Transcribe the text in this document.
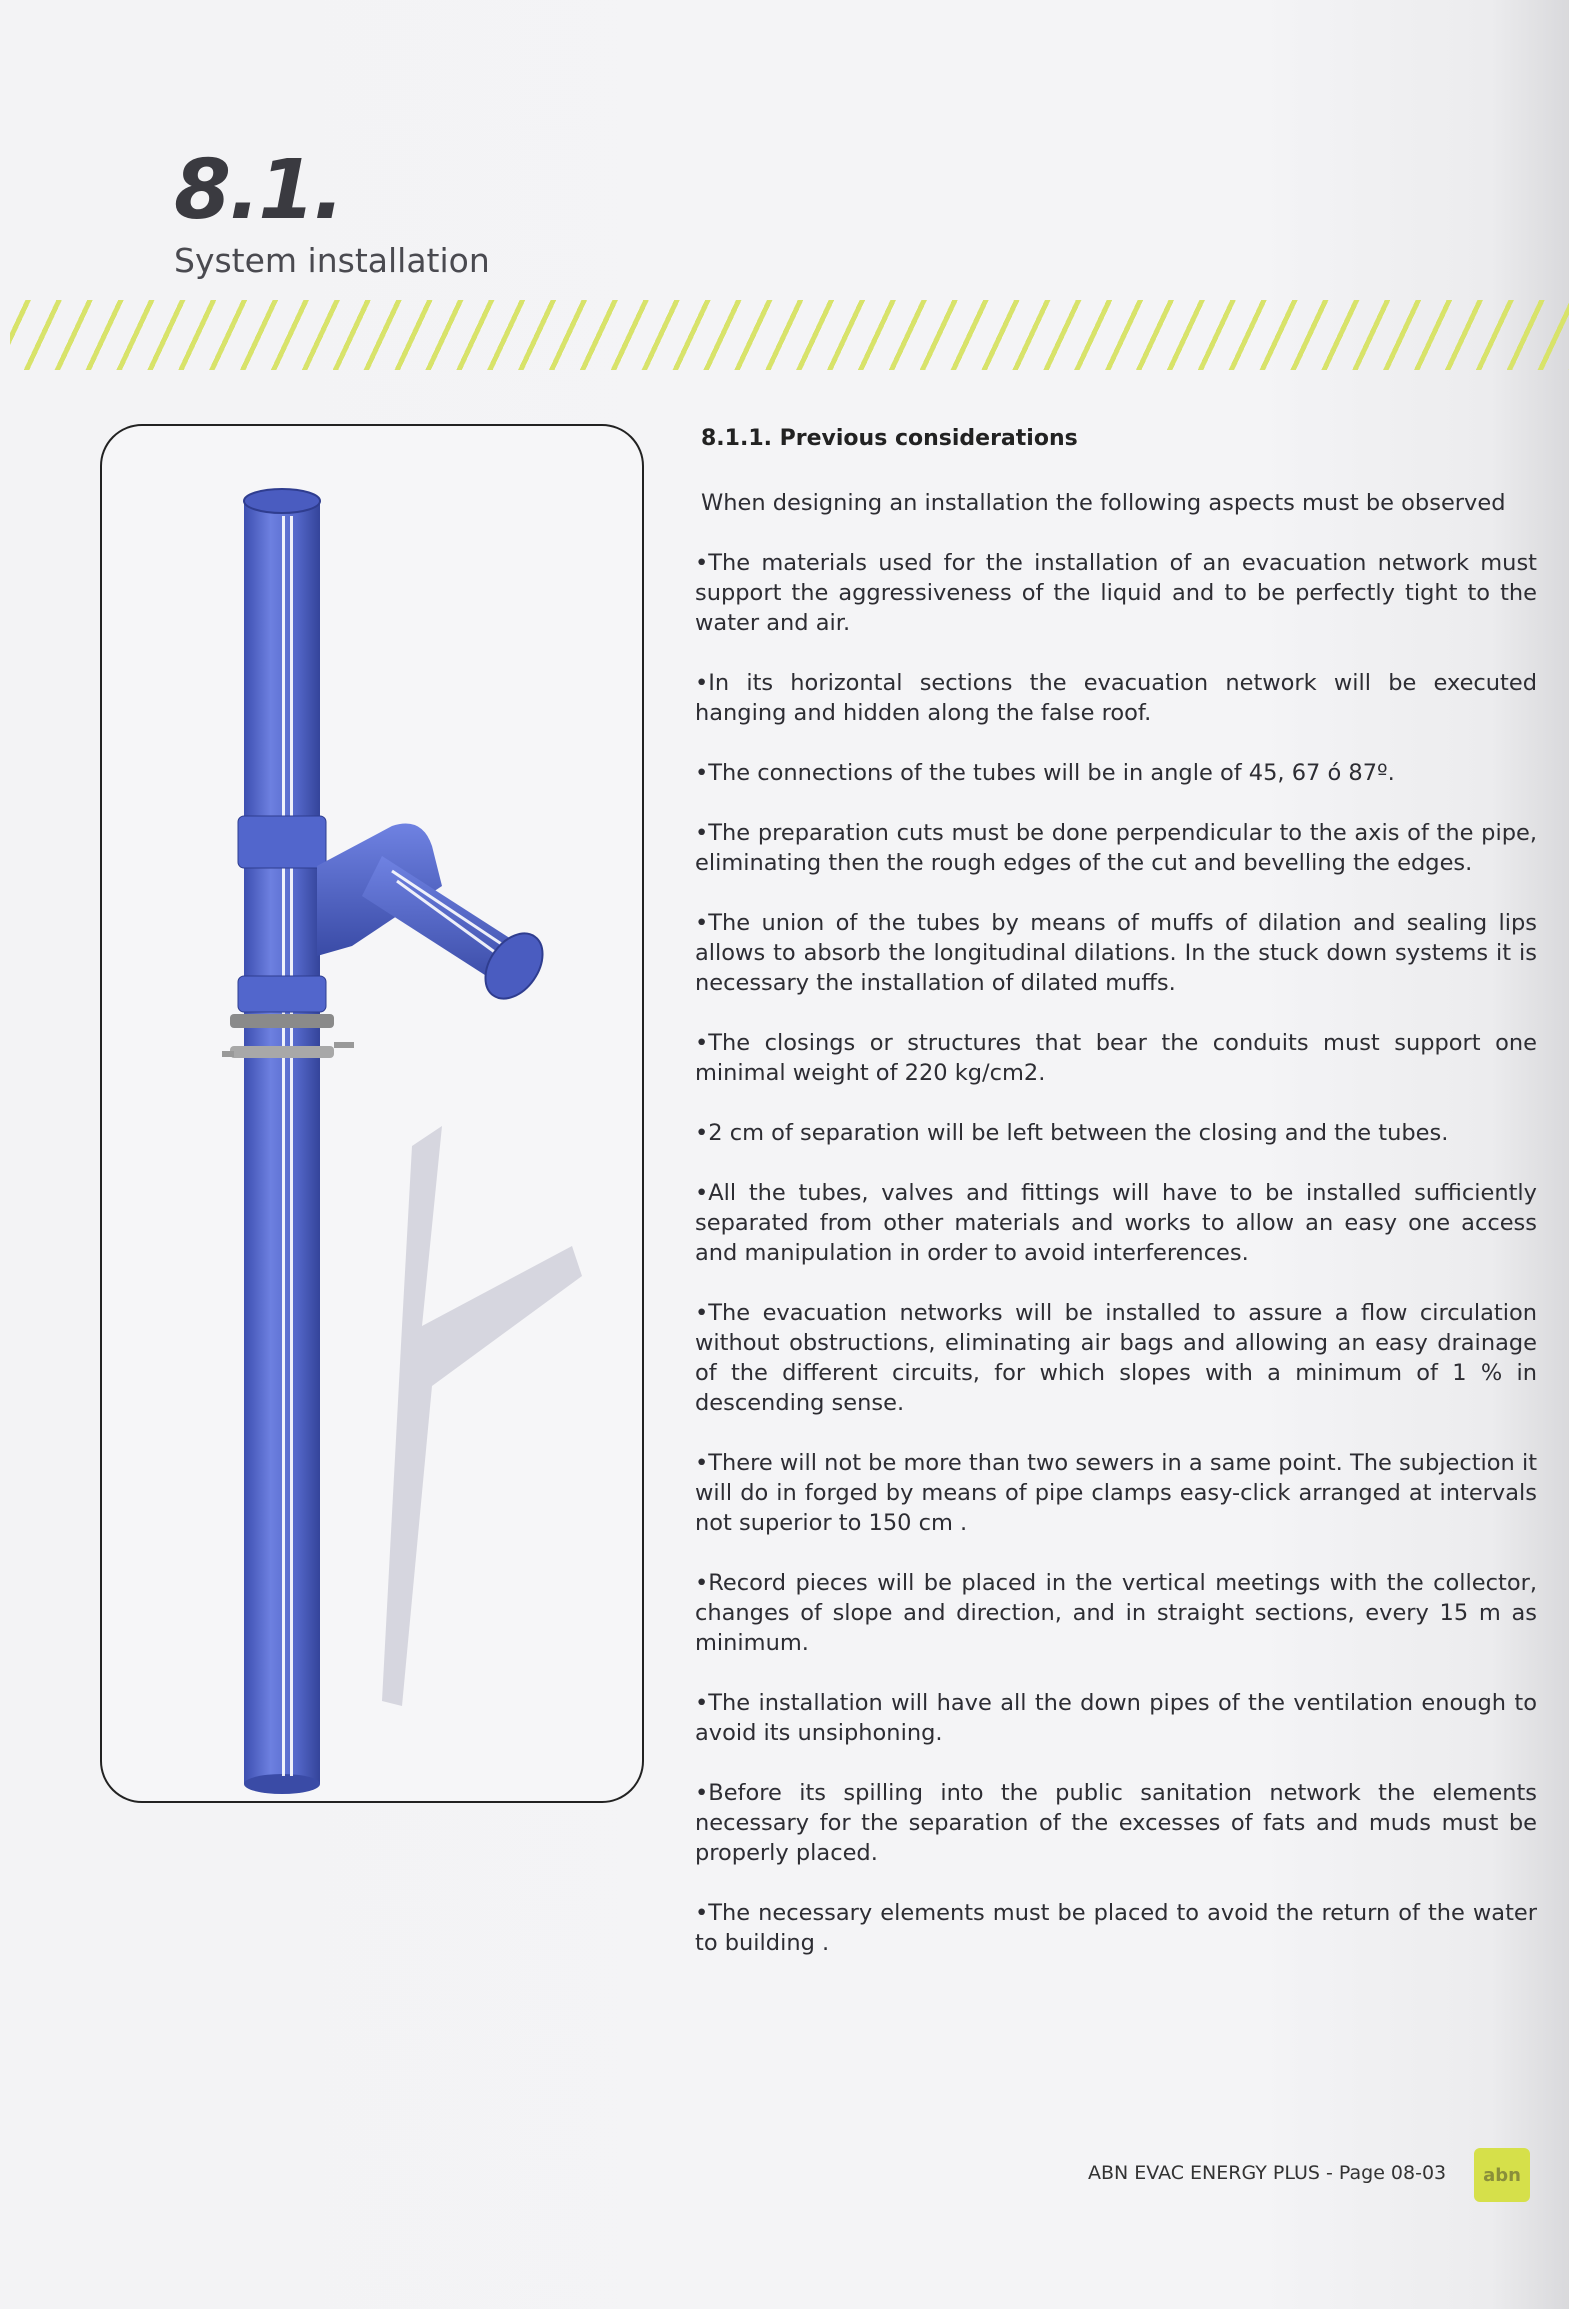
8.1.
System installation
8.1.1. Previous considerations
When designing an installation the following aspects must be observed
•The materials used for the installation of an evacuation network must support the aggressiveness of the liquid and to be perfectly tight to the water and air.
•In its horizontal sections the evacuation network will be executed hanging and hidden along the false roof.
•The connections of the tubes will be in angle of 45, 67 ó 87º.
•The preparation cuts must be done perpendicular to the axis of the pipe, eliminating then the rough edges of the cut and bevelling the edges.
•The union of the tubes by means of muffs of dilation and sealing lips allows to absorb the longitudinal dilations. In the stuck down systems it is necessary the installation of dilated muffs.
•The closings or structures that bear the conduits must support one minimal weight of 220 kg/cm2.
•2 cm of separation will be left between the closing and the tubes.
•All the tubes, valves and fittings will have to be installed sufficiently separated from other materials and works to allow an easy one access and manipulation in order to avoid interferences.
•The evacuation networks will be installed to assure a flow circulation without obstructions, eliminating air bags and allowing an easy drainage of the different circuits, for which slopes with a minimum of 1 % in descending sense.
•There will not be more than two sewers in a same point. The subjection it will do in forged by means of pipe clamps easy-click arranged at intervals not superior to 150 cm .
•Record pieces will be placed in the vertical meetings with the collector, changes of slope and direction, and in straight sections, every 15 m as minimum.
•The installation will have all the down pipes of the ventilation enough to avoid its unsiphoning.
•Before its spilling into the public sanitation network the elements necessary for the separation of the excesses of fats and muds must be properly placed.
•The necessary elements must be placed to avoid the return of the water to building .
ABN EVAC ENERGY PLUS - Page 08-03	abn
